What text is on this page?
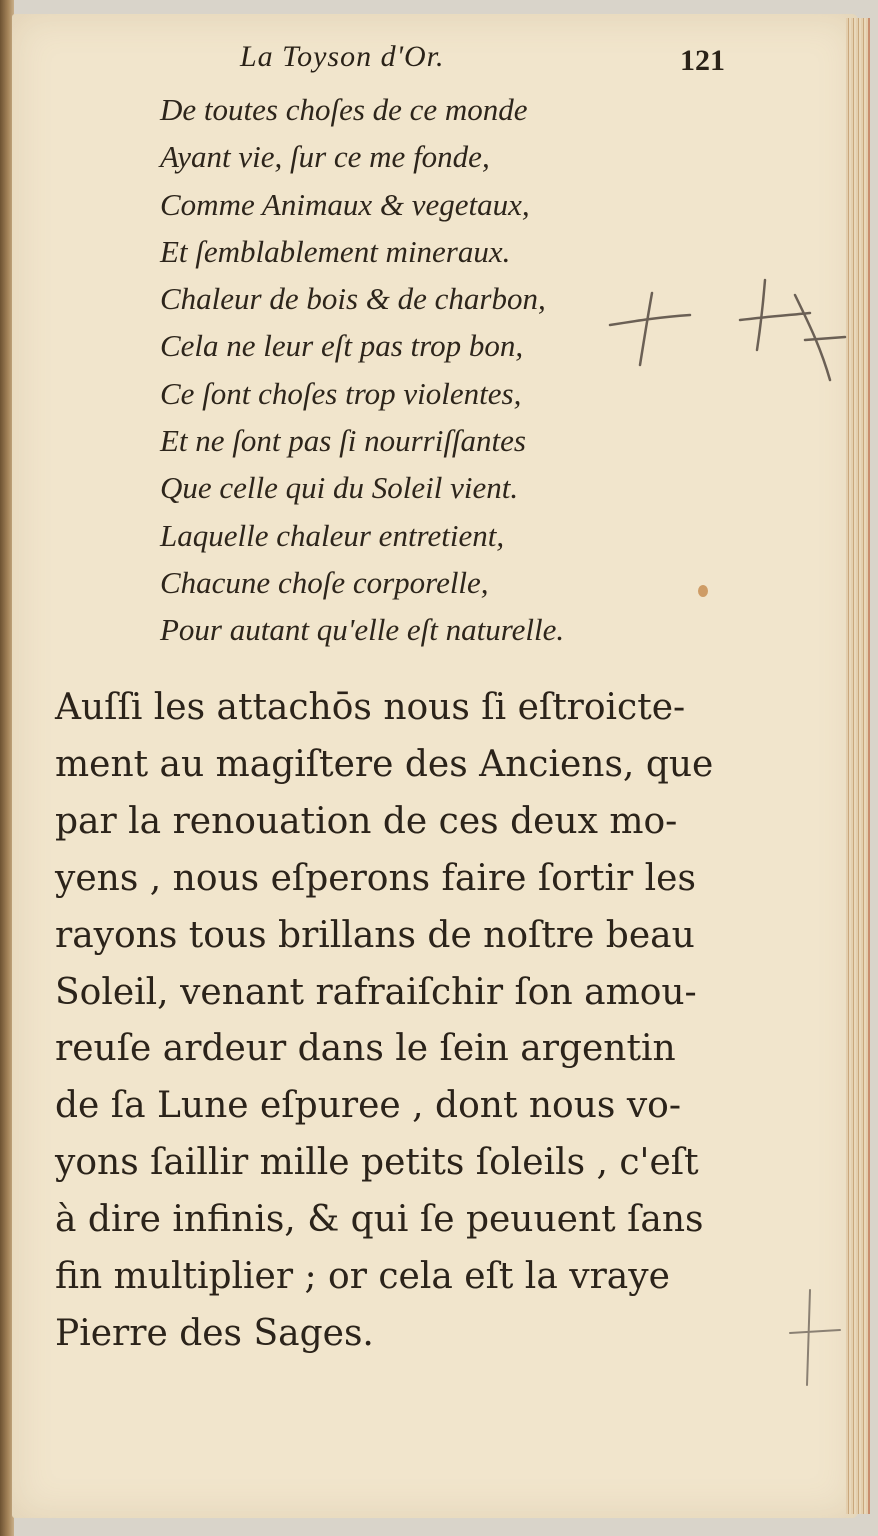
La Toyson d'Or.	121
De toutes choſes de ce monde
Ayant vie, ſur ce me fonde,
Comme Animaux & vegetaux,
Et ſemblablement mineraux.
Chaleur de bois & de charbon,
Cela ne leur eſt pas trop bon,
Ce ſont choſes trop violentes,
Et ne ſont pas ſi nourriſſantes
Que celle qui du Soleil vient.
Laquelle chaleur entretient,
Chacune choſe corporelle,
Pour autant qu'elle eſt naturelle.
Auſſi les attachōs nous ſi eſtroicte-
ment au magiſtere des Anciens, que
par la renouation de ces deux mo-
yens , nous eſperons faire ſortir les
rayons tous brillans de noſtre beau
Soleil, venant rafraiſchir ſon amou-
reuſe ardeur dans le ſein argentin
de ſa Lune eſpuree , dont nous vo-
yons ſaillir mille petits ſoleils , c'eſt
à dire infinis, & qui ſe peuuent ſans
fin multiplier ; or cela eſt la vraye
Pierre des Sages.
